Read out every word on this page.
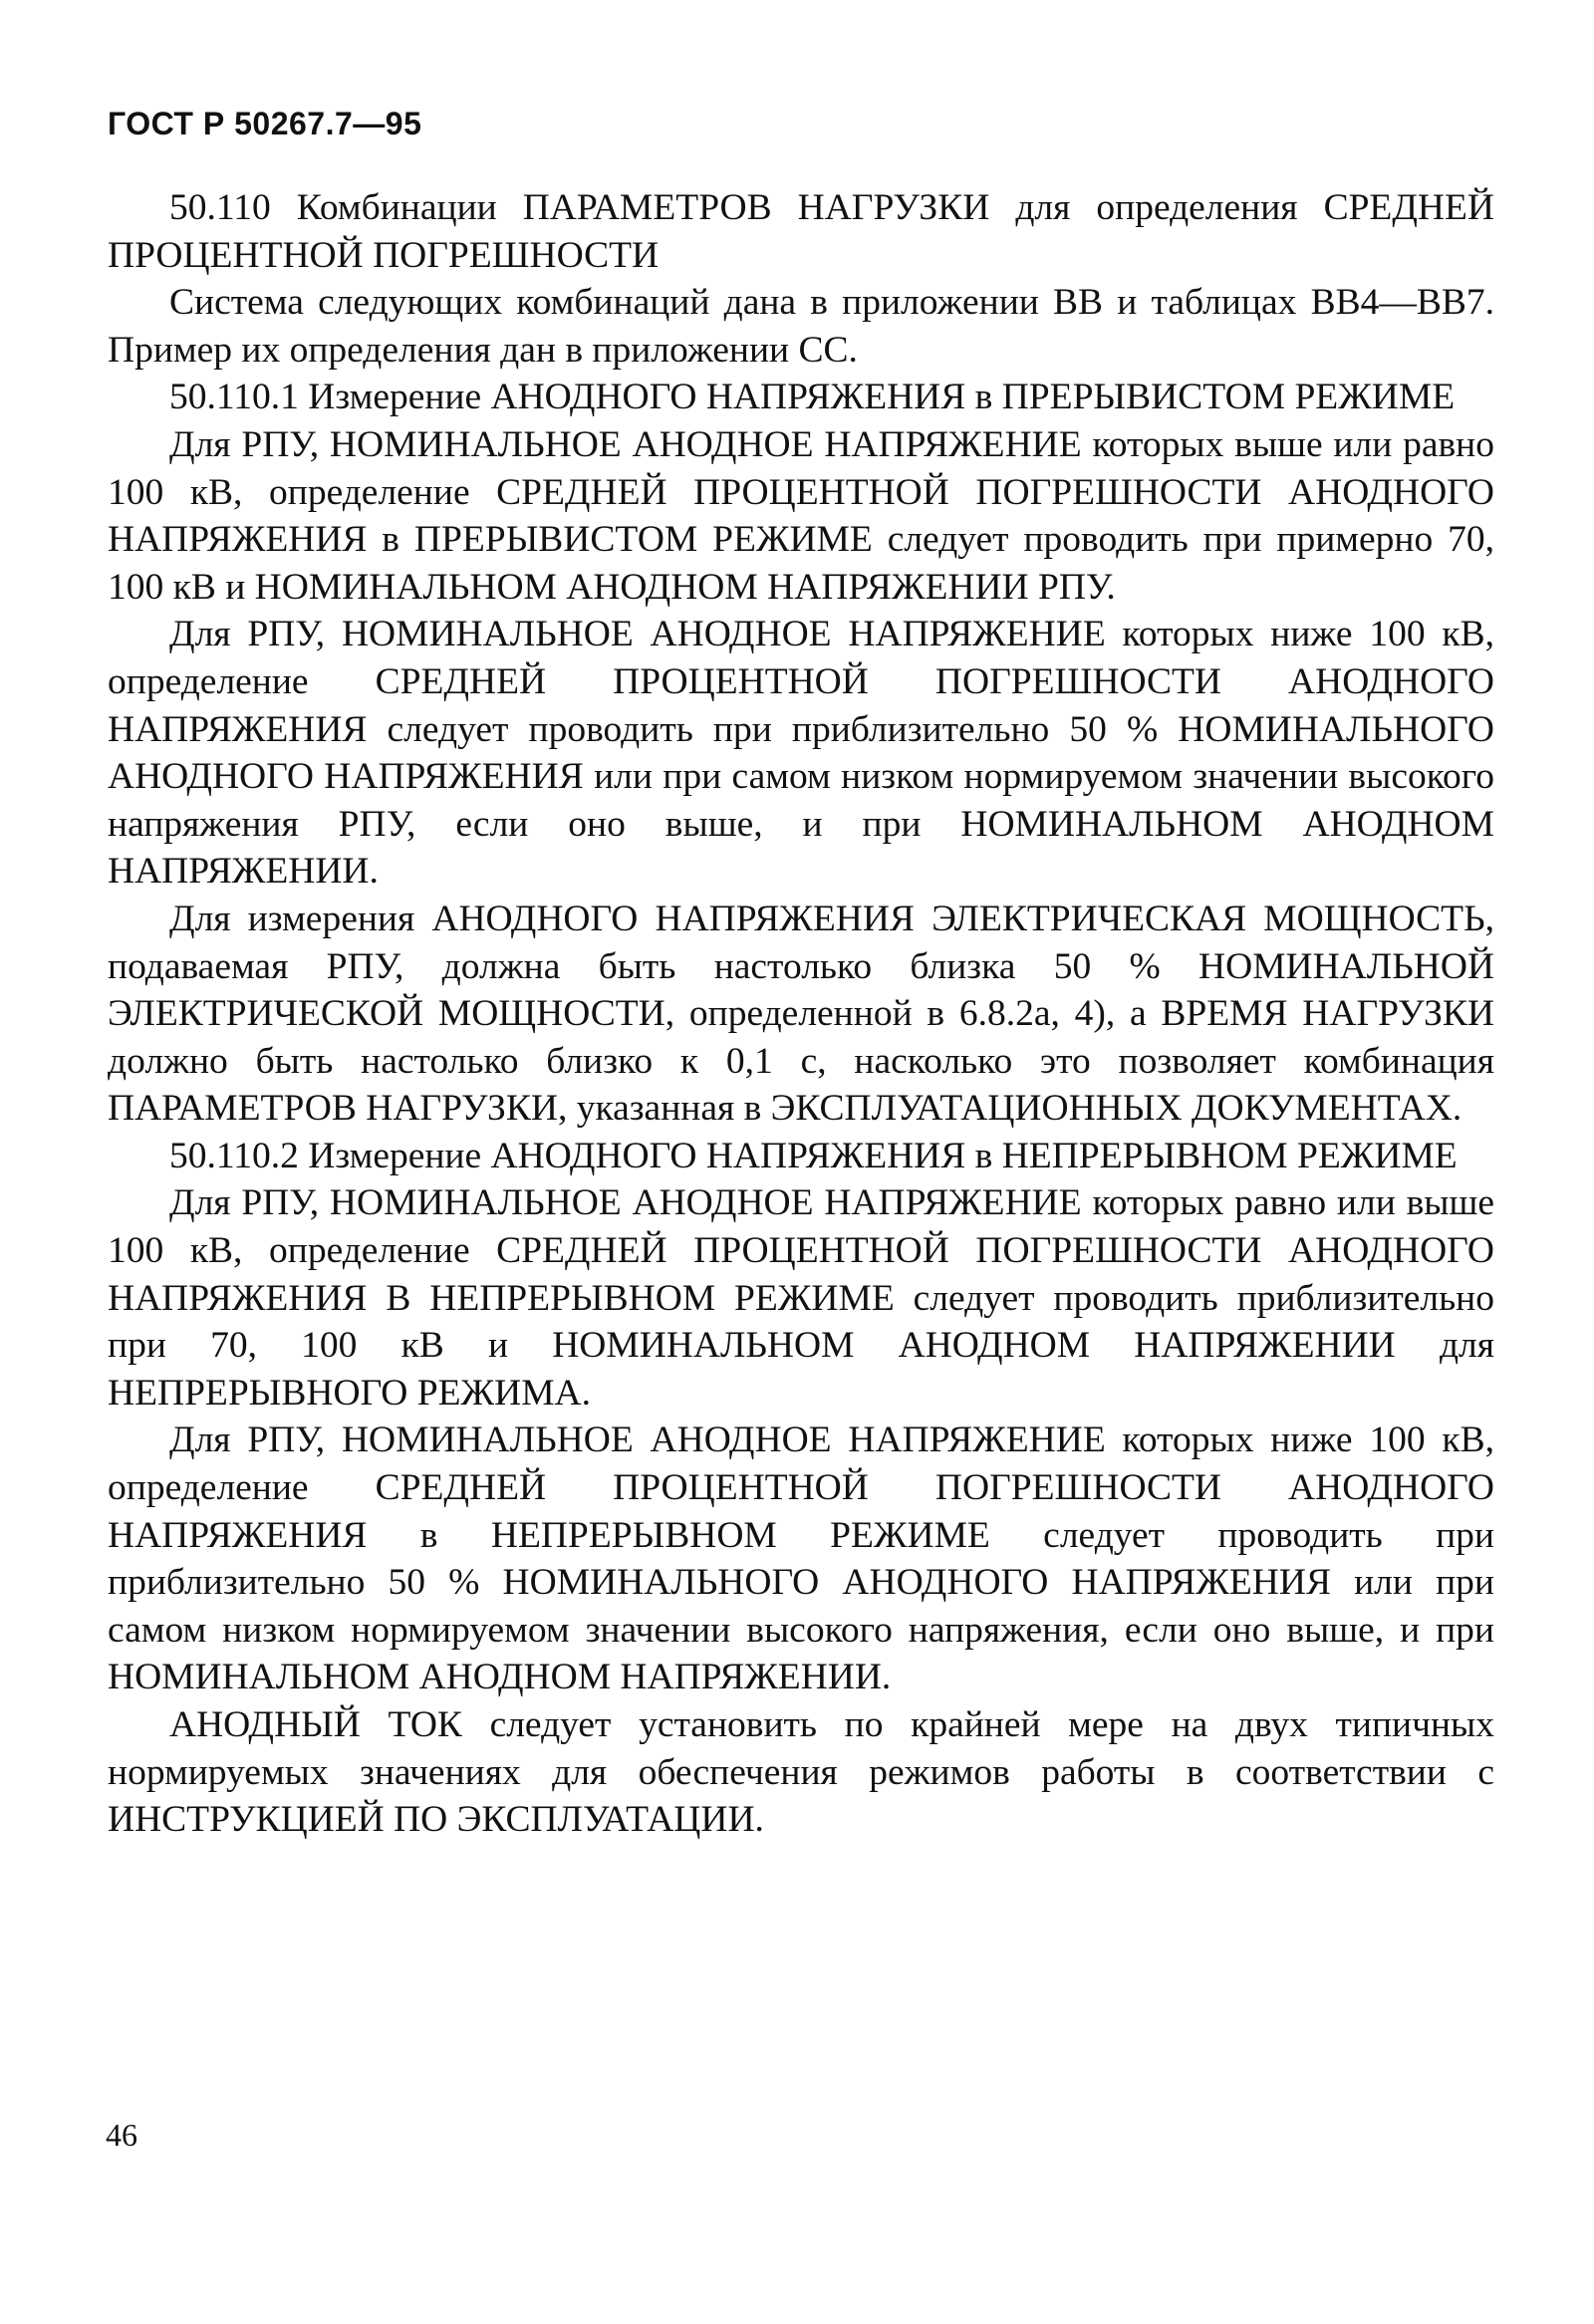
ГОСТ Р 50267.7—95

50.110 Комбинации ПАРАМЕТРОВ НАГРУЗКИ для определения СРЕДНЕЙ ПРОЦЕНТНОЙ ПОГРЕШНОСТИ

Система следующих комбинаций дана в приложении ВВ и таблицах ВВ4—ВВ7. Пример их определения дан в приложении СС.

50.110.1 Измерение АНОДНОГО НАПРЯЖЕНИЯ в ПРЕРЫВИСТОМ РЕЖИМЕ

Для РПУ, НОМИНАЛЬНОЕ АНОДНОЕ НАПРЯЖЕНИЕ которых выше или равно 100 кВ, определение СРЕДНЕЙ ПРОЦЕНТНОЙ ПОГРЕШНОСТИ АНОДНОГО НАПРЯЖЕНИЯ в ПРЕРЫВИСТОМ РЕЖИМЕ следует проводить при примерно 70, 100 кВ и НОМИНАЛЬНОМ АНОДНОМ НАПРЯЖЕНИИ РПУ.

Для РПУ, НОМИНАЛЬНОЕ АНОДНОЕ НАПРЯЖЕНИЕ которых ниже 100 кВ, определение СРЕДНЕЙ ПРОЦЕНТНОЙ ПОГРЕШНОСТИ АНОДНОГО НАПРЯЖЕНИЯ следует проводить при приблизительно 50 % НОМИНАЛЬНОГО АНОДНОГО НАПРЯЖЕНИЯ или при самом низком нормируемом значении высокого напряжения РПУ, если оно выше, и при НОМИНАЛЬНОМ АНОДНОМ НАПРЯЖЕНИИ.

Для измерения АНОДНОГО НАПРЯЖЕНИЯ ЭЛЕКТРИЧЕСКАЯ МОЩНОСТЬ, подаваемая РПУ, должна быть настолько близка 50 % НОМИНАЛЬНОЙ ЭЛЕКТРИЧЕСКОЙ МОЩНОСТИ, определенной в 6.8.2а, 4), а ВРЕМЯ НАГРУЗКИ должно быть настолько близко к 0,1 с, насколько это позволяет комбинация ПАРАМЕТРОВ НАГРУЗКИ, указанная в ЭКСПЛУАТАЦИОННЫХ ДОКУМЕНТАХ.

50.110.2 Измерение АНОДНОГО НАПРЯЖЕНИЯ в НЕПРЕРЫВНОМ РЕЖИМЕ

Для РПУ, НОМИНАЛЬНОЕ АНОДНОЕ НАПРЯЖЕНИЕ которых равно или выше 100 кВ, определение СРЕДНЕЙ ПРОЦЕНТНОЙ ПОГРЕШНОСТИ АНОДНОГО НАПРЯЖЕНИЯ В НЕПРЕРЫВНОМ РЕЖИМЕ следует проводить приблизительно при 70, 100 кВ и НОМИНАЛЬНОМ АНОДНОМ НАПРЯЖЕНИИ для НЕПРЕРЫВНОГО РЕЖИМА.

Для РПУ, НОМИНАЛЬНОЕ АНОДНОЕ НАПРЯЖЕНИЕ которых ниже 100 кВ, определение СРЕДНЕЙ ПРОЦЕНТНОЙ ПОГРЕШНОСТИ АНОДНОГО НАПРЯЖЕНИЯ в НЕПРЕРЫВНОМ РЕЖИМЕ следует проводить при приблизительно 50 % НОМИНАЛЬНОГО АНОДНОГО НАПРЯЖЕНИЯ или при самом низком нормируемом значении высокого напряжения, если оно выше, и при НОМИНАЛЬНОМ АНОДНОМ НАПРЯЖЕНИИ.

АНОДНЫЙ ТОК следует установить по крайней мере на двух типичных нормируемых значениях для обеспечения режимов работы в соответствии с ИНСТРУКЦИЕЙ ПО ЭКСПЛУАТАЦИИ.

46
